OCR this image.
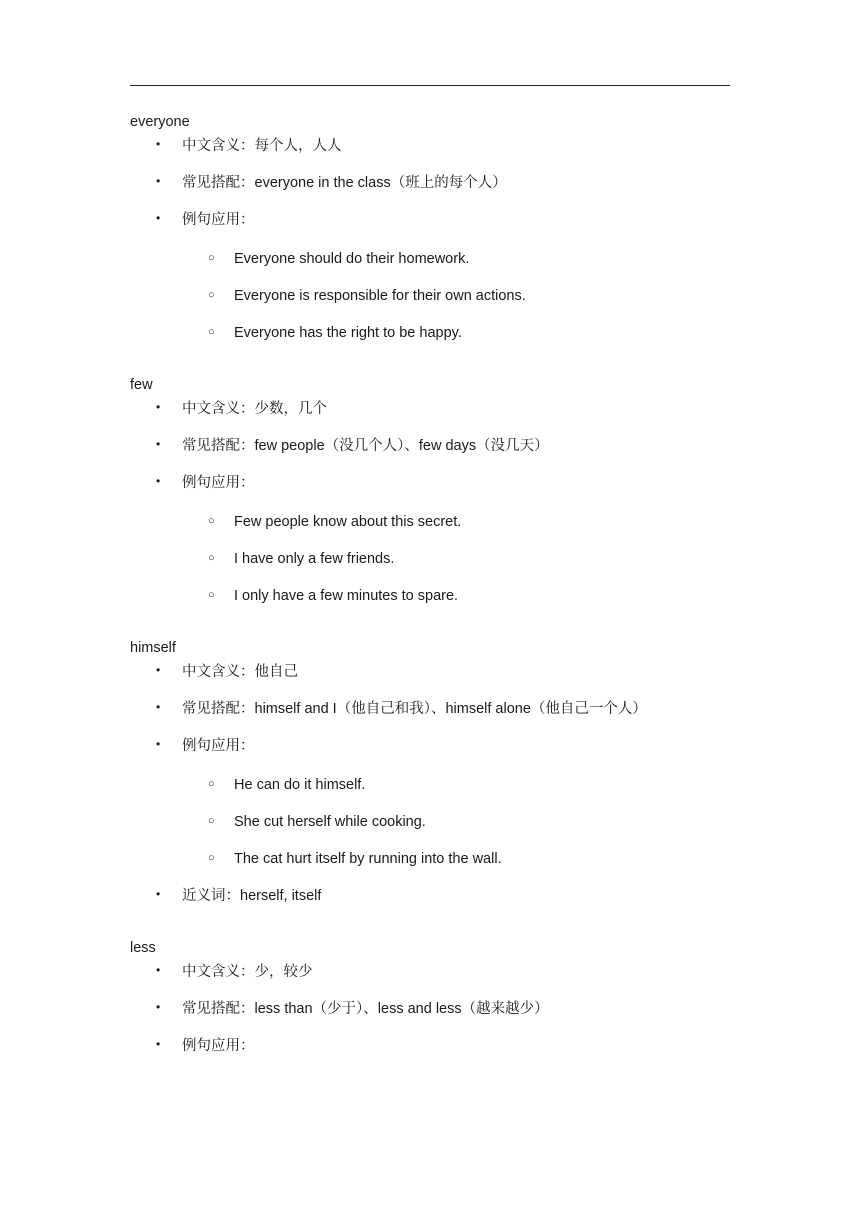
everyone
• 中文含义：每个人，人人
• 常见搭配：everyone in the class（班上的每个人）
• 例句应用：
○ Everyone should do their homework.
○ Everyone is responsible for their own actions.
○ Everyone has the right to be happy.
few
• 中文含义：少数，几个
• 常见搭配：few people（没几个人）、few days（没几天）
• 例句应用：
○ Few people know about this secret.
○ I have only a few friends.
○ I only have a few minutes to spare.
himself
• 中文含义：他自己
• 常见搭配：himself and I（他自己和我）、himself alone（他自己一个人）
• 例句应用：
○ He can do it himself.
○ She cut herself while cooking.
○ The cat hurt itself by running into the wall.
• 近义词：herself, itself
less
• 中文含义：少，较少
• 常见搭配：less than（少于）、less and less（越来越少）
• 例句应用：
